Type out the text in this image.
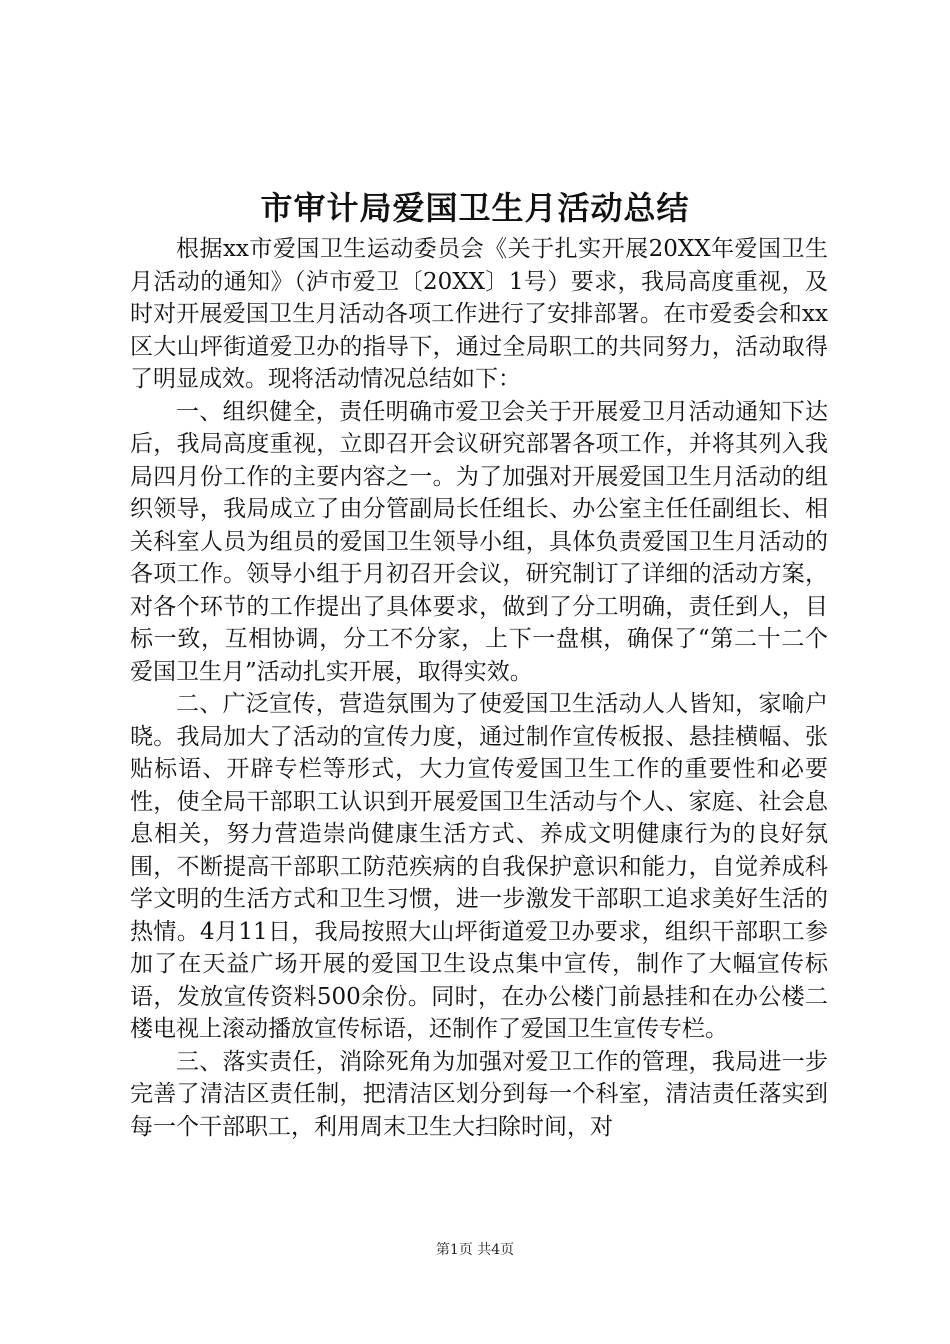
市审计局爱国卫生月活动总结

根据xx市爱国卫生运动委员会《关于扎实开展20XX年爱国卫生月活动的通知》（泸市爱卫〔20XX〕1号）要求，我局高度重视，及时对开展爱国卫生月活动各项工作进行了安排部署。在市爱委会和xx区大山坪街道爱卫办的指导下，通过全局职工的共同努力，活动取得了明显成效。现将活动情况总结如下：

一、组织健全，责任明确市爱卫会关于开展爱卫月活动通知下达后，我局高度重视，立即召开会议研究部署各项工作，并将其列入我局四月份工作的主要内容之一。为了加强对开展爱国卫生月活动的组织领导，我局成立了由分管副局长任组长、办公室主任任副组长、相关科室人员为组员的爱国卫生领导小组，具体负责爱国卫生月活动的各项工作。领导小组于月初召开会议，研究制订了详细的活动方案，对各个环节的工作提出了具体要求，做到了分工明确，责任到人，目标一致，互相协调，分工不分家，上下一盘棋，确保了“第二十二个爱国卫生月”活动扎实开展，取得实效。

二、广泛宣传，营造氛围为了使爱国卫生活动人人皆知，家喻户晓。我局加大了活动的宣传力度，通过制作宣传板报、悬挂横幅、张贴标语、开辟专栏等形式，大力宣传爱国卫生工作的重要性和必要性，使全局干部职工认识到开展爱国卫生活动与个人、家庭、社会息息相关，努力营造崇尚健康生活方式、养成文明健康行为的良好氛围，不断提高干部职工防范疾病的自我保护意识和能力，自觉养成科学文明的生活方式和卫生习惯，进一步激发干部职工追求美好生活的热情。4月11日，我局按照大山坪街道爱卫办要求，组织干部职工参加了在天益广场开展的爱国卫生设点集中宣传，制作了大幅宣传标语，发放宣传资料500余份。同时，在办公楼门前悬挂和在办公楼二楼电视上滚动播放宣传标语，还制作了爱国卫生宣传专栏。

三、落实责任，消除死角为加强对爱卫工作的管理，我局进一步完善了清洁区责任制，把清洁区划分到每一个科室，清洁责任落实到每一个干部职工，利用周末卫生大扫除时间，对

第1页 共4页
